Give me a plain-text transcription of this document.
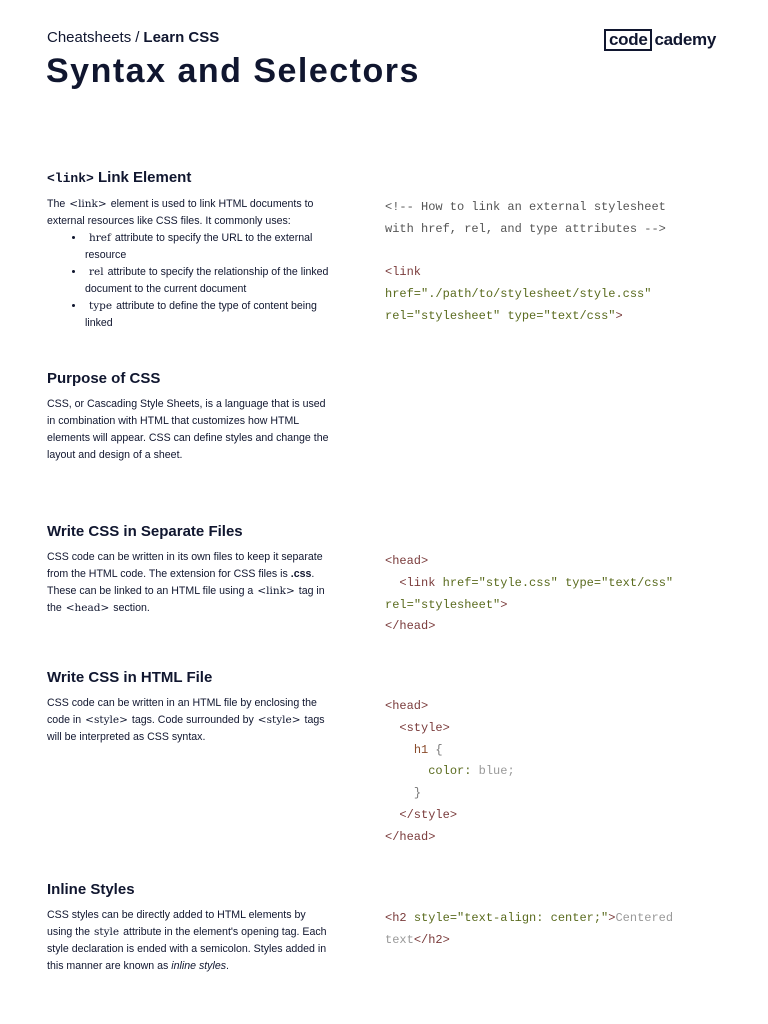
Cheatsheets / Learn CSS	code cademy
Syntax and Selectors
<link> Link Element

The <link> element is used to link HTML documents to external resources like CSS files. It commonly uses:

• href attribute to specify the URL to the external resource
• rel attribute to specify the relationship of the linked document to the current document
• type attribute to define the type of content being linked
<!-- How to link an external stylesheet
with href, rel, and type attributes -->

<link
href="./path/to/stylesheet/style.css"
rel="stylesheet" type="text/css">
Purpose of CSS

CSS, or Cascading Style Sheets, is a language that is used in combination with HTML that customizes how HTML elements will appear. CSS can define styles and change the layout and design of a sheet.

Write CSS in Separate Files

CSS code can be written in its own files to keep it separate from the HTML code. The extension for CSS files is .css. These can be linked to an HTML file using a <link> tag in the <head> section.

<head>
<link href="style.css" type="text/css"
rel="stylesheet">
</head>
Write CSS in HTML File

CSS code can be written in an HTML file by enclosing the code in <style> tags. Code surrounded by <style> tags will be interpreted as CSS syntax.

<head>
<style>
h1 {
color: blue;
}
</style>
</head>
Inline Styles

CSS styles can be directly added to HTML elements by using the style attribute in the element's opening tag. Each style declaration is ended with a semicolon. Styles added in this manner are known as inline styles.

<h2 style="text-align: center;">Centered
text</h2>
